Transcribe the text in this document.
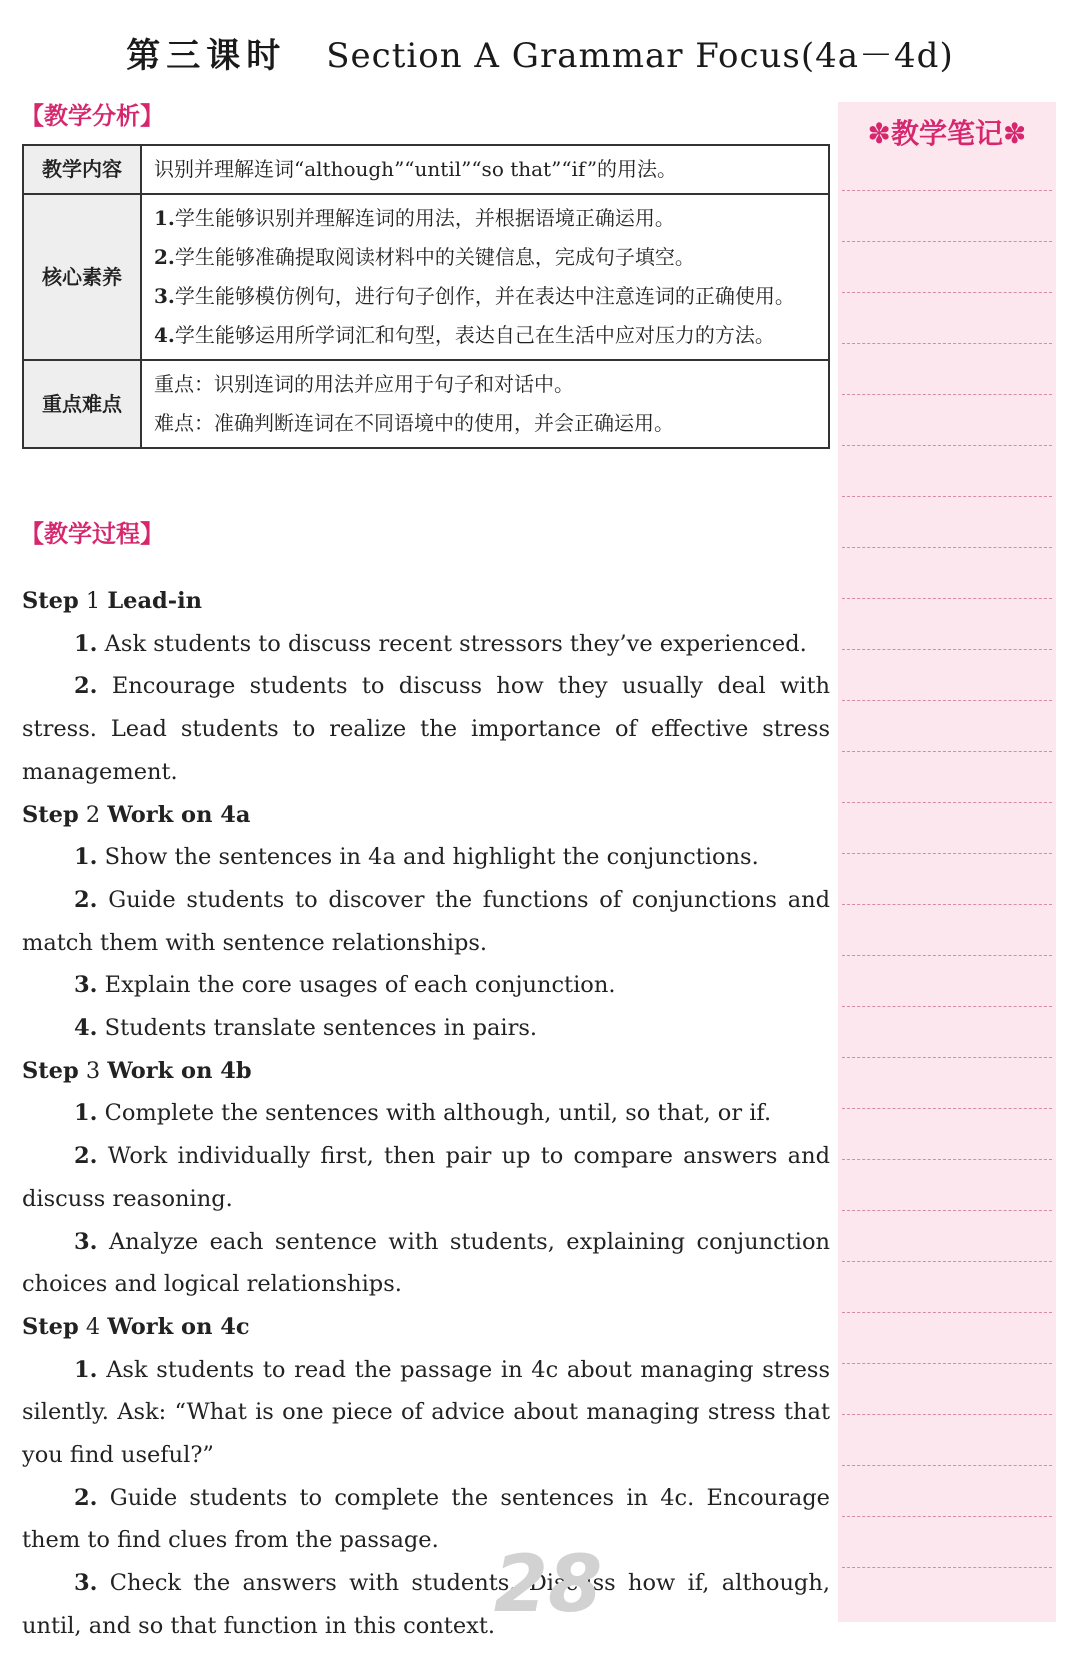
第三课时 Section A Grammar Focus(4a－4d)
【教学分析】
教学内容	识别并理解连词“although”“until”“so that”“if”的用法。
核心素养	1.学生能够识别并理解连词的用法，并根据语境正确运用。
2.学生能够准确提取阅读材料中的关键信息，完成句子填空。
3.学生能够模仿例句，进行句子创作，并在表达中注意连词的正确使用。
4.学生能够运用所学词汇和句型，表达自己在生活中应对压力的方法。

重点难点	重点：识别连词的用法并应用于句子和对话中。
难点：准确判断连词在不同语境中的使用，并会正确运用。
【教学过程】
Step 1 Lead-in

1. Ask students to discuss recent stressors they’ve experienced.

2. Encourage students to discuss how they usually deal with stress. Lead students to realize the importance of effective stress management.

Step 2 Work on 4a

1. Show the sentences in 4a and highlight the conjunctions.

2. Guide students to discover the functions of conjunctions and match them with sentence relationships.

3. Explain the core usages of each conjunction.

4. Students translate sentences in pairs.

Step 3 Work on 4b

1. Complete the sentences with although, until, so that, or if.

2. Work individually first, then pair up to compare answers and discuss reasoning.

3. Analyze each sentence with students, explaining conjunction choices and logical relationships.

Step 4 Work on 4c

1. Ask students to read the passage in 4c about managing stress silently. Ask: “What is one piece of advice about managing stress that you find useful?”

2. Guide students to complete the sentences in 4c. Encourage them to find clues from the passage.

3. Check the answers with students. Discuss how if, although, until, and so that function in this context.

✽教学笔记✽
28
